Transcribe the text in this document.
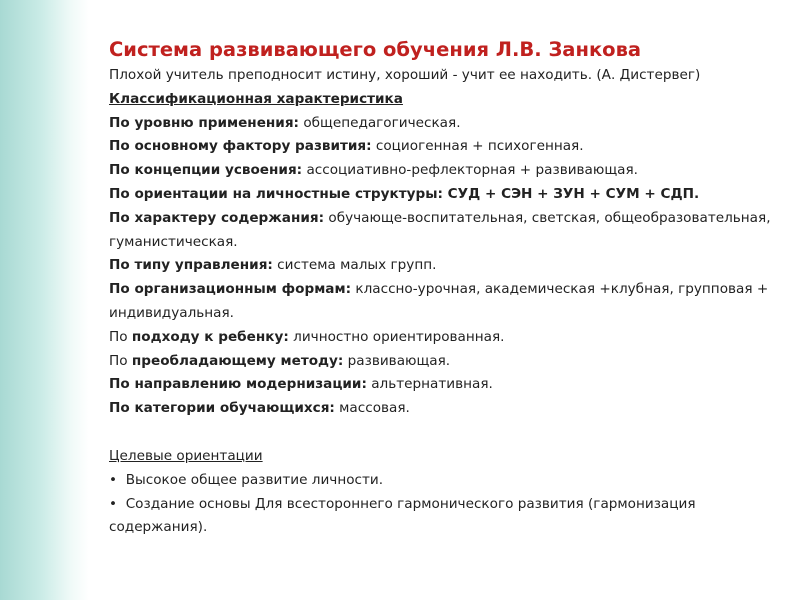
Система развивающего обучения Л.В. Занкова

Плохой учитель преподносит истину, хороший - учит ее находить. (А. Дистервег)

Классификационная характеристика

По уровню применения: общепедагогическая.

По основному фактору развития: социогенная + психогенная.

По концепции усвоения: ассоциативно-рефлекторная + развивающая.

По ориентации на личностные структуры: СУД + СЭН + ЗУН + СУМ + СДП.

По характеру содержания: обучающе-воспитательная, светская, общеобразовательная, гуманистическая.

По типу управления: система малых групп.

По организационным формам: классно-урочная, академическая +клубная, групповая + индивидуальная.

По подходу к ребенку: личностно ориентированная.

По преобладающему методу: развивающая.

По направлению модернизации: альтернативная.

По категории обучающихся: массовая.

Целевые ориентации

• Высокое общее развитие личности.

• Создание основы Для всестороннего гармонического развития (гармонизация содержания).
